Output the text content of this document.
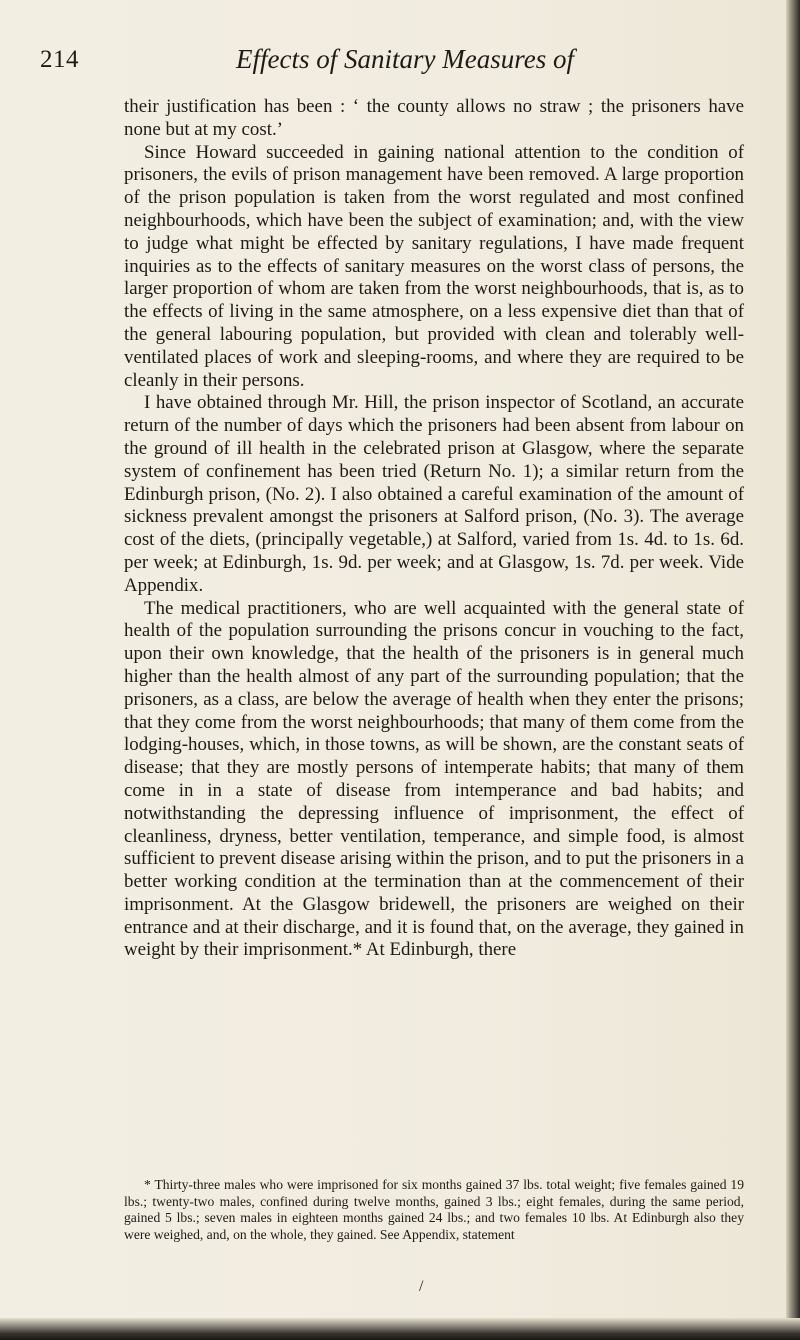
214	Effects of Sanitary Measures of

their justification has been : ‘ the county allows no straw ; the prisoners have none but at my cost.’

Since Howard succeeded in gaining national attention to the condition of prisoners, the evils of prison management have been removed. A large proportion of the prison population is taken from the worst regulated and most confined neighbourhoods, which have been the subject of examination; and, with the view to judge what might be effected by sanitary regulations, I have made frequent inquiries as to the effects of sanitary measures on the worst class of persons, the larger proportion of whom are taken from the worst neighbourhoods, that is, as to the effects of living in the same atmosphere, on a less expensive diet than that of the general labouring population, but provided with clean and tolerably well-ventilated places of work and sleeping-rooms, and where they are required to be cleanly in their persons.

I have obtained through Mr. Hill, the prison inspector of Scotland, an accurate return of the number of days which the prisoners had been absent from labour on the ground of ill health in the celebrated prison at Glasgow, where the separate system of confinement has been tried (Return No. 1); a similar return from the Edinburgh prison, (No. 2). I also obtained a careful examination of the amount of sickness prevalent amongst the prisoners at Salford prison, (No. 3). The average cost of the diets, (principally vegetable,) at Salford, varied from 1s. 4d. to 1s. 6d. per week; at Edinburgh, 1s. 9d. per week; and at Glasgow, 1s. 7d. per week. Vide Appendix.

The medical practitioners, who are well acquainted with the general state of health of the population surrounding the prisons concur in vouching to the fact, upon their own knowledge, that the health of the prisoners is in general much higher than the health almost of any part of the surrounding population; that the prisoners, as a class, are below the average of health when they enter the prisons; that they come from the worst neighbourhoods; that many of them come from the lodging-houses, which, in those towns, as will be shown, are the constant seats of disease; that they are mostly persons of intemperate habits; that many of them come in in a state of disease from intemperance and bad habits; and notwithstanding the depressing influence of imprisonment, the effect of cleanliness, dryness, better ventilation, temperance, and simple food, is almost sufficient to prevent disease arising within the prison, and to put the prisoners in a better working condition at the termination than at the commencement of their imprisonment. At the Glasgow bridewell, the prisoners are weighed on their entrance and at their discharge, and it is found that, on the average, they gained in weight by their imprisonment.* At Edinburgh, there

* Thirty-three males who were imprisoned for six months gained 37 lbs. total weight; five females gained 19 lbs.; twenty-two males, confined during twelve months, gained 3 lbs.; eight females, during the same period, gained 5 lbs.; seven males in eighteen months gained 24 lbs.; and two females 10 lbs. At Edinburgh also they were weighed, and, on the whole, they gained. See Appendix, statement

/
